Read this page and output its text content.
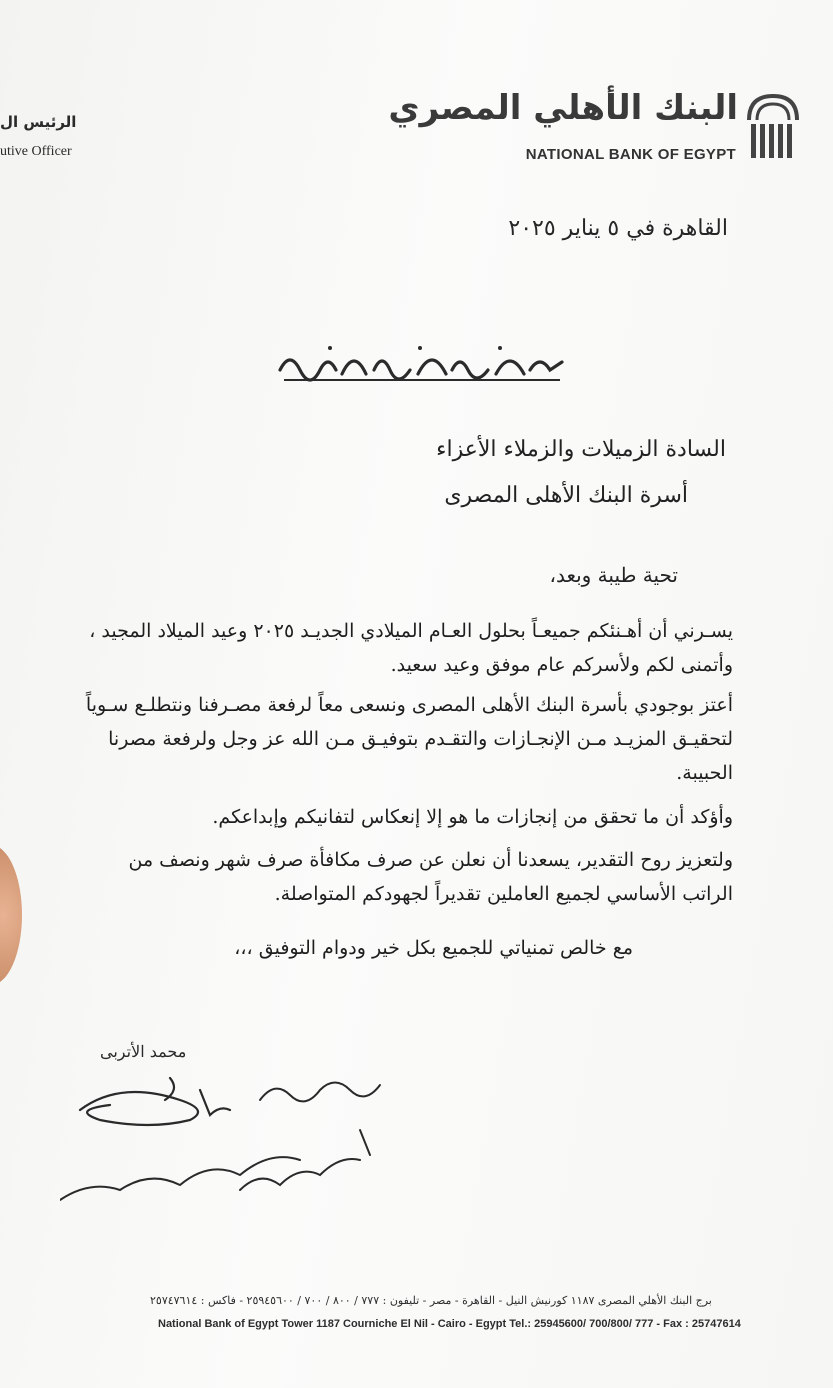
الرئيس ال
utive Officer
البنك الأهلي المصري
NATIONAL BANK OF EGYPT
القاهرة في ٥ يناير ٢٠٢٥
السادة الزميلات والزملاء الأعزاء
أسرة البنك الأهلى المصرى
تحية طيبة وبعد،
يسـرني أن أهـنئكم جميعـاً بحلول العـام الميلادي الجديـد ٢٠٢٥ وعيد الميلاد المجيد ، وأتمنى لكم ولأسركم عام موفق وعيد سعيد.
أعتز بوجودي بأسرة البنك الأهلى المصرى ونسعى معاً لرفعة مصـرفنا ونتطلـع سـوياً لتحقيـق المزيـد مـن الإنجـازات والتقـدم بتوفيـق مـن الله عز وجل ولرفعة مصرنا الحبيبة.
وأؤكد أن ما تحقق من إنجازات ما هو إلا إنعكاس لتفانيكم وإبداعكم.
ولتعزيز روح التقدير، يسعدنا أن نعلن عن صرف مكافأة صرف شهر ونصف من الراتب الأساسي لجميع العاملين تقديراً لجهودكم المتواصلة.
مع خالص تمنياتي للجميع بكل خير ودوام التوفيق ،،،
محمد الأتربى
برج البنك الأهلي المصرى ١١٨٧ كورنيش النيل - القاهرة - مصر - تليفون : ٧٧٧ / ٨٠٠ / ٧٠٠ / ٢٥٩٤٥٦٠٠ - فاكس : ٢٥٧٤٧٦١٤
National Bank of Egypt Tower 1187 Courniche El Nil - Cairo - Egypt Tel.: 25945600/ 700/800/ 777 - Fax : 25747614
